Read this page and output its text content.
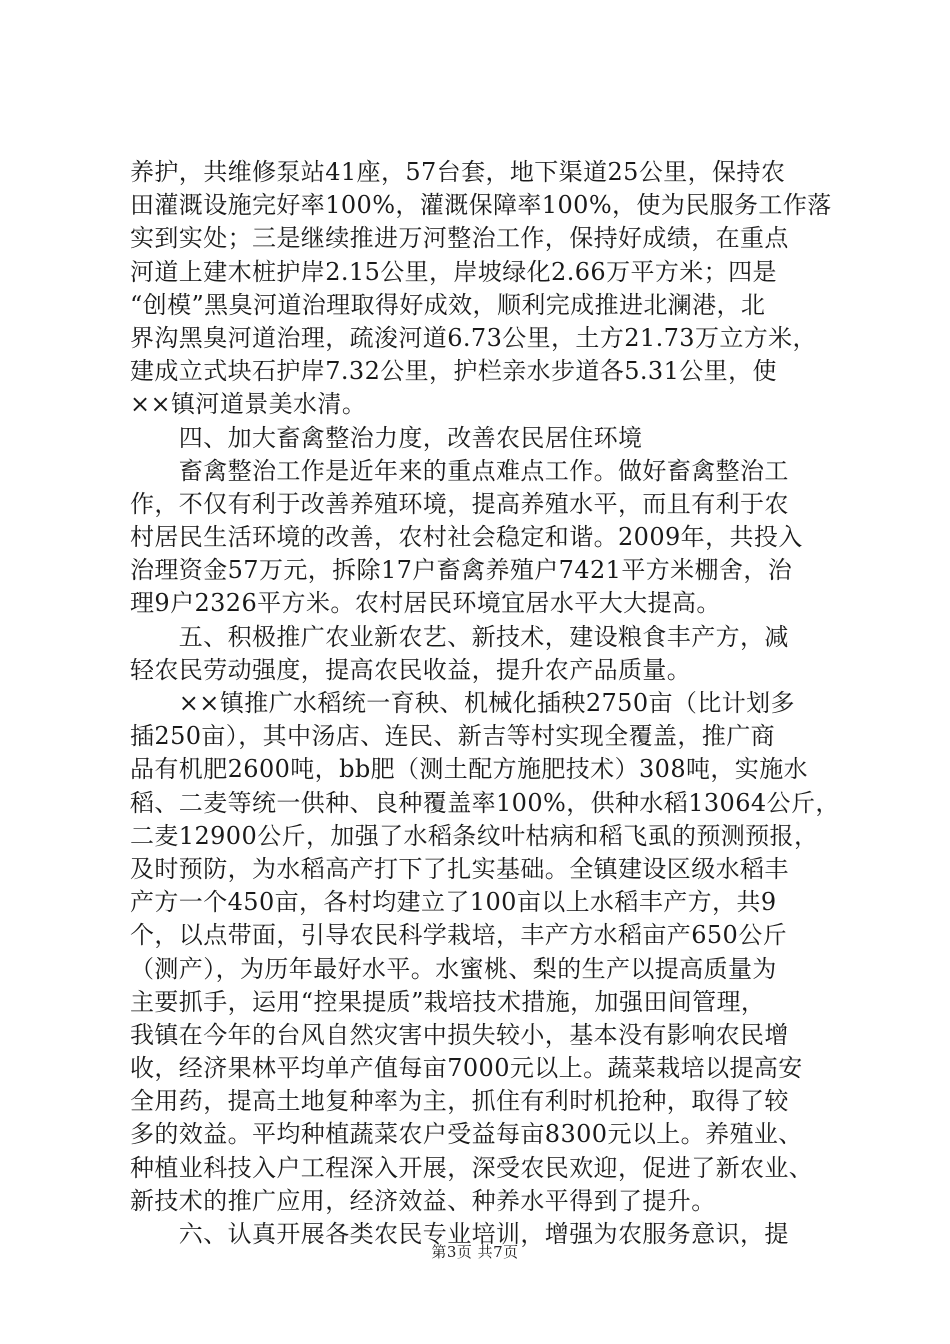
养护，共维修泵站41座，57台套，地下渠道25公里，保持农
田灌溉设施完好率100%，灌溉保障率100%，使为民服务工作落
实到实处；三是继续推进万河整治工作，保持好成绩，在重点
河道上建木桩护岸2.15公里，岸坡绿化2.66万平方米；四是
“创模”黑臭河道治理取得好成效，顺利完成推进北澜港，北
界沟黑臭河道治理，疏浚河道6.73公里，土方21.73万立方米，
建成立式块石护岸7.32公里，护栏亲水步道各5.31公里，使
××镇河道景美水清。
　　四、加大畜禽整治力度，改善农民居住环境
　　畜禽整治工作是近年来的重点难点工作。做好畜禽整治工
作，不仅有利于改善养殖环境，提高养殖水平，而且有利于农
村居民生活环境的改善，农村社会稳定和谐。2009年，共投入
治理资金57万元，拆除17户畜禽养殖户7421平方米棚舍，治
理9户2326平方米。农村居民环境宜居水平大大提高。
　　五、积极推广农业新农艺、新技术，建设粮食丰产方，减
轻农民劳动强度，提高农民收益，提升农产品质量。
　　××镇推广水稻统一育秧、机械化插秧2750亩（比计划多
插250亩），其中汤店、连民、新吉等村实现全覆盖，推广商
品有机肥2600吨，bb肥（测土配方施肥技术）308吨，实施水
稻、二麦等统一供种、良种覆盖率100%，供种水稻13064公斤，
二麦12900公斤，加强了水稻条纹叶枯病和稻飞虱的预测预报，
及时预防，为水稻高产打下了扎实基础。全镇建设区级水稻丰
产方一个450亩，各村均建立了100亩以上水稻丰产方，共9
个，以点带面，引导农民科学栽培，丰产方水稻亩产650公斤
（测产），为历年最好水平。水蜜桃、梨的生产以提高质量为
主要抓手，运用“控果提质”栽培技术措施，加强田间管理，
我镇在今年的台风自然灾害中损失较小，基本没有影响农民增
收，经济果林平均单产值每亩7000元以上。蔬菜栽培以提高安
全用药，提高土地复种率为主，抓住有利时机抢种，取得了较
多的效益。平均种植蔬菜农户受益每亩8300元以上。养殖业、
种植业科技入户工程深入开展，深受农民欢迎，促进了新农业、
新技术的推广应用，经济效益、种养水平得到了提升。
　　六、认真开展各类农民专业培训，增强为农服务意识，提
第3页 共7页
